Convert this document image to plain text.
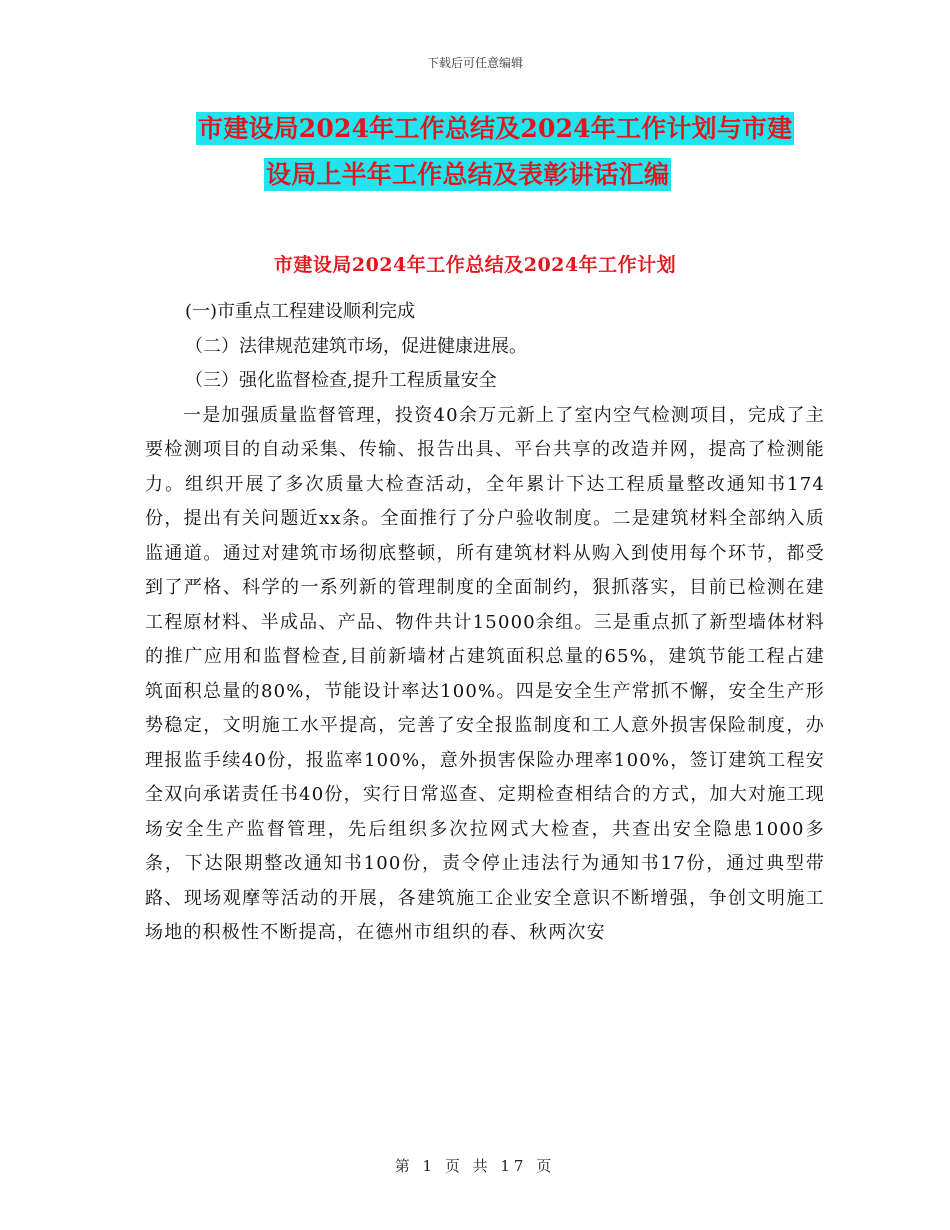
下载后可任意编辑
市建设局2024年工作总结及2024年工作计划与市建
设局上半年工作总结及表彰讲话汇编
市建设局2024年工作总结及2024年工作计划

(一)市重点工程建设顺利完成

（二）法律规范建筑市场，促进健康进展。

（三）强化监督检查,提升工程质量安全

一是加强质量监督管理，投资40余万元新上了室内空气检测项目，完成了主要检测项目的自动采集、传输、报告出具、平台共享的改造并网，提高了检测能力。组织开展了多次质量大检查活动，全年累计下达工程质量整改通知书174份，提出有关问题近xx条。全面推行了分户验收制度。二是建筑材料全部纳入质监通道。通过对建筑市场彻底整顿，所有建筑材料从购入到使用每个环节，都受到了严格、科学的一系列新的管理制度的全面制约，狠抓落实，目前已检测在建工程原材料、半成品、产品、物件共计15000余组。三是重点抓了新型墙体材料的推广应用和监督检查,目前新墙材占建筑面积总量的65%，建筑节能工程占建筑面积总量的80%，节能设计率达100%。四是安全生产常抓不懈，安全生产形势稳定，文明施工水平提高，完善了安全报监制度和工人意外损害保险制度，办理报监手续40份，报监率100%，意外损害保险办理率100%，签订建筑工程安全双向承诺责任书40份，实行日常巡查、定期检查相结合的方式，加大对施工现场安全生产监督管理，先后组织多次拉网式大检查，共查出安全隐患1000多条，下达限期整改通知书100份，责令停止违法行为通知书17份，通过典型带路、现场观摩等活动的开展，各建筑施工企业安全意识不断增强，争创文明施工场地的积极性不断提高，在德州市组织的春、秋两次安

第 1 页 共 17 页
